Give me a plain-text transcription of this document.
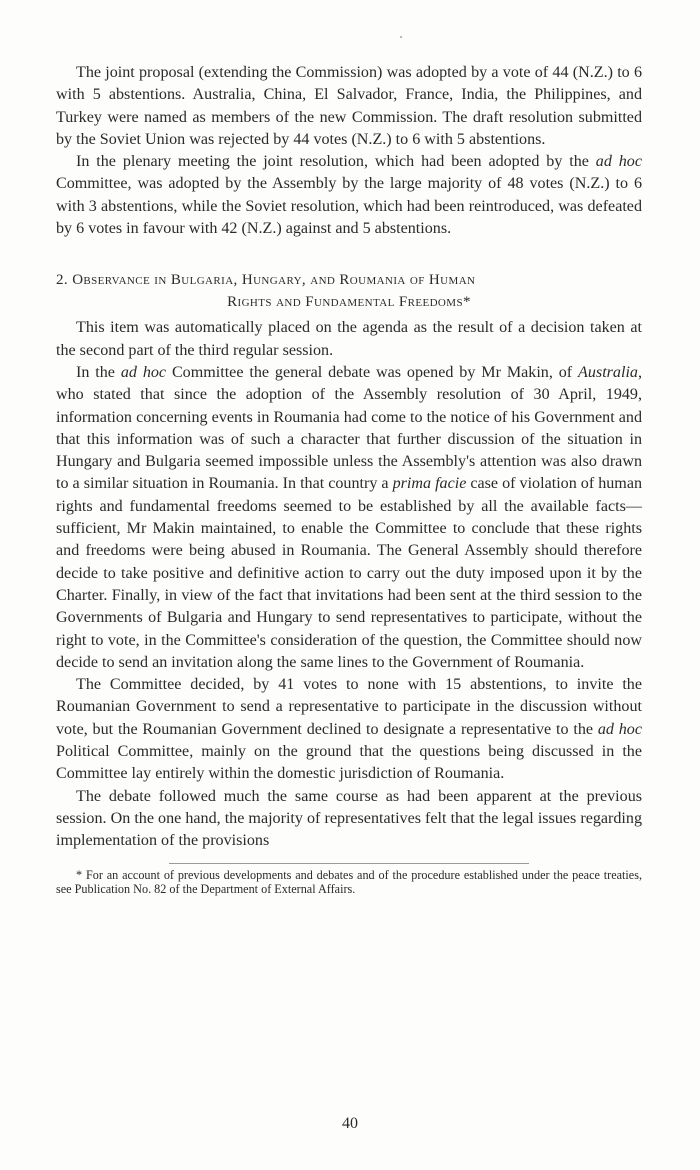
The joint proposal (extending the Commission) was adopted by a vote of 44 (N.Z.) to 6 with 5 abstentions. Australia, China, El Salvador, France, India, the Philippines, and Turkey were named as members of the new Commission. The draft resolution submitted by the Soviet Union was rejected by 44 votes (N.Z.) to 6 with 5 abstentions.

In the plenary meeting the joint resolution, which had been adopted by the ad hoc Committee, was adopted by the Assembly by the large majority of 48 votes (N.Z.) to 6 with 3 abstentions, while the Soviet resolution, which had been reintroduced, was defeated by 6 votes in favour with 42 (N.Z.) against and 5 abstentions.

2. Observance in Bulgaria, Hungary, and Roumania of Human
Rights and Fundamental Freedoms*

This item was automatically placed on the agenda as the result of a decision taken at the second part of the third regular session.

In the ad hoc Committee the general debate was opened by Mr Makin, of Australia, who stated that since the adoption of the Assembly resolution of 30 April, 1949, information concerning events in Roumania had come to the notice of his Government and that this information was of such a character that further discussion of the situation in Hungary and Bulgaria seemed impossible unless the Assembly's attention was also drawn to a similar situation in Roumania. In that country a prima facie case of violation of human rights and fundamental freedoms seemed to be established by all the available facts—sufficient, Mr Makin maintained, to enable the Committee to conclude that these rights and freedoms were being abused in Roumania. The General Assembly should therefore decide to take positive and definitive action to carry out the duty imposed upon it by the Charter. Finally, in view of the fact that invitations had been sent at the third session to the Governments of Bulgaria and Hungary to send representatives to participate, without the right to vote, in the Committee's consideration of the question, the Committee should now decide to send an invitation along the same lines to the Government of Roumania.

The Committee decided, by 41 votes to none with 15 abstentions, to invite the Roumanian Government to send a representative to participate in the discussion without vote, but the Roumanian Government declined to designate a representative to the ad hoc Political Committee, mainly on the ground that the questions being discussed in the Committee lay entirely within the domestic jurisdiction of Roumania.

The debate followed much the same course as had been apparent at the previous session. On the one hand, the majority of representatives felt that the legal issues regarding implementation of the provisions

* For an account of previous developments and debates and of the procedure established under the peace treaties, see Publication No. 82 of the Department of External Affairs.
40
